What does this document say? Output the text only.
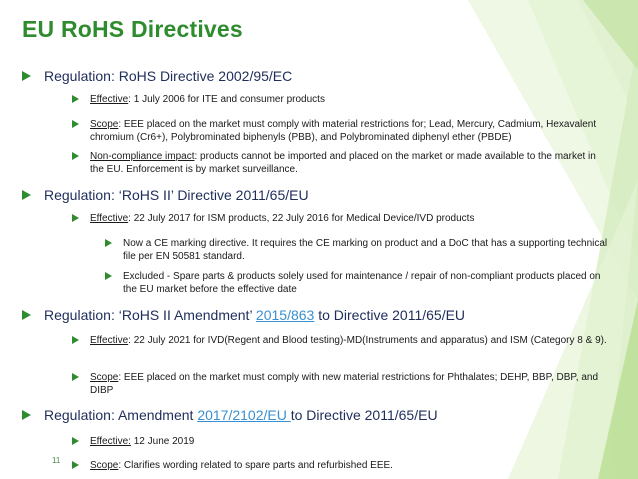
EU RoHS Directives
Regulation: RoHS Directive 2002/95/EC
Effective: 1 July 2006 for ITE and consumer products
Scope: EEE placed on the market must comply with material restrictions for; Lead, Mercury, Cadmium, Hexavalent chromium (Cr6+), Polybrominated biphenyls (PBB), and Polybrominated diphenyl ether (PBDE)
Non-compliance impact: products cannot be imported and placed on the market or made available to the market in the EU. Enforcement is by market surveillance.
Regulation: ‘RoHS II’ Directive 2011/65/EU
Effective: 22 July 2017 for ISM products, 22 July 2016 for Medical Device/IVD products
Now a CE marking directive. It requires the CE marking on product and a DoC that has a supporting technical file per EN 50581 standard.
Excluded - Spare parts & products solely used for maintenance / repair of non-compliant products placed on the EU market before the effective date
Regulation: ‘RoHS II Amendment’ 2015/863 to Directive 2011/65/EU
Effective: 22 July 2021 for IVD(Regent and Blood testing)-MD(Instruments and apparatus) and ISM (Category 8 & 9).
Scope: EEE placed on the market must comply with new material restrictions for Phthalates; DEHP, BBP, DBP, and DIBP
Regulation: Amendment 2017/2102/EU to Directive 2011/65/EU
Effective: 12 June 2019
Scope: Clarifies wording related to spare parts and refurbished EEE.
11
